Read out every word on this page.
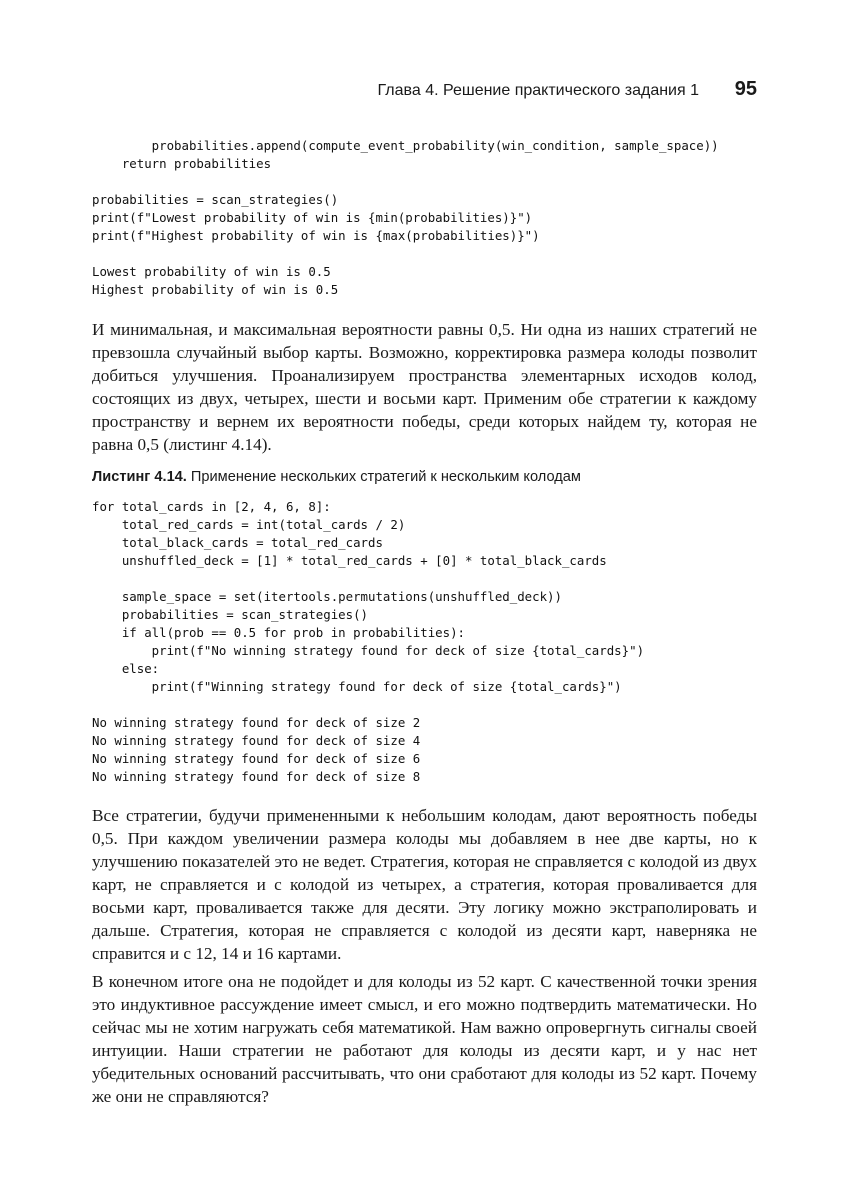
Глава 4. Решение практического задания 1 95
probabilities.append(compute_event_probability(win_condition, sample_space))
return probabilities

probabilities = scan_strategies()
print(f"Lowest probability of win is {min(probabilities)}")
print(f"Highest probability of win is {max(probabilities)}")

Lowest probability of win is 0.5
Highest probability of win is 0.5

И минимальная, и максимальная вероятности равны 0,5. Ни одна из наших стратегий не превзошла случайный выбор карты. Возможно, корректировка размера колоды позволит добиться улучшения. Проанализируем пространства элементарных исходов колод, состоящих из двух, четырех, шести и восьми карт. Применим обе стратегии к каждому пространству и вернем их вероятности победы, среди которых найдем ту, которая не равна 0,5 (листинг 4.14).

Листинг 4.14. Применение нескольких стратегий к нескольким колодам
for total_cards in [2, 4, 6, 8]:
total_red_cards = int(total_cards / 2)
total_black_cards = total_red_cards
unshuffled_deck = [1] * total_red_cards + [0] * total_black_cards

sample_space = set(itertools.permutations(unshuffled_deck))
probabilities = scan_strategies()
if all(prob == 0.5 for prob in probabilities):
print(f"No winning strategy found for deck of size {total_cards}")
else:
print(f"Winning strategy found for deck of size {total_cards}")

No winning strategy found for deck of size 2
No winning strategy found for deck of size 4
No winning strategy found for deck of size 6
No winning strategy found for deck of size 8

Все стратегии, будучи примененными к небольшим колодам, дают вероятность победы 0,5. При каждом увеличении размера колоды мы добавляем в нее две карты, но к улучшению показателей это не ведет. Стратегия, которая не справляется с колодой из двух карт, не справляется и с колодой из четырех, а стратегия, которая проваливается для восьми карт, проваливается также для десяти. Эту логику можно экстраполировать и дальше. Стратегия, которая не справляется с колодой из десяти карт, наверняка не справится и с 12, 14 и 16 картами.

В конечном итоге она не подойдет и для колоды из 52 карт. С качественной точки зрения это индуктивное рассуждение имеет смысл, и его можно подтвердить математически. Но сейчас мы не хотим нагружать себя математикой. Нам важно опровергнуть сигналы своей интуиции. Наши стратегии не работают для колоды из десяти карт, и у нас нет убедительных оснований рассчитывать, что они сработают для колоды из 52 карт. Почему же они не справляются?
